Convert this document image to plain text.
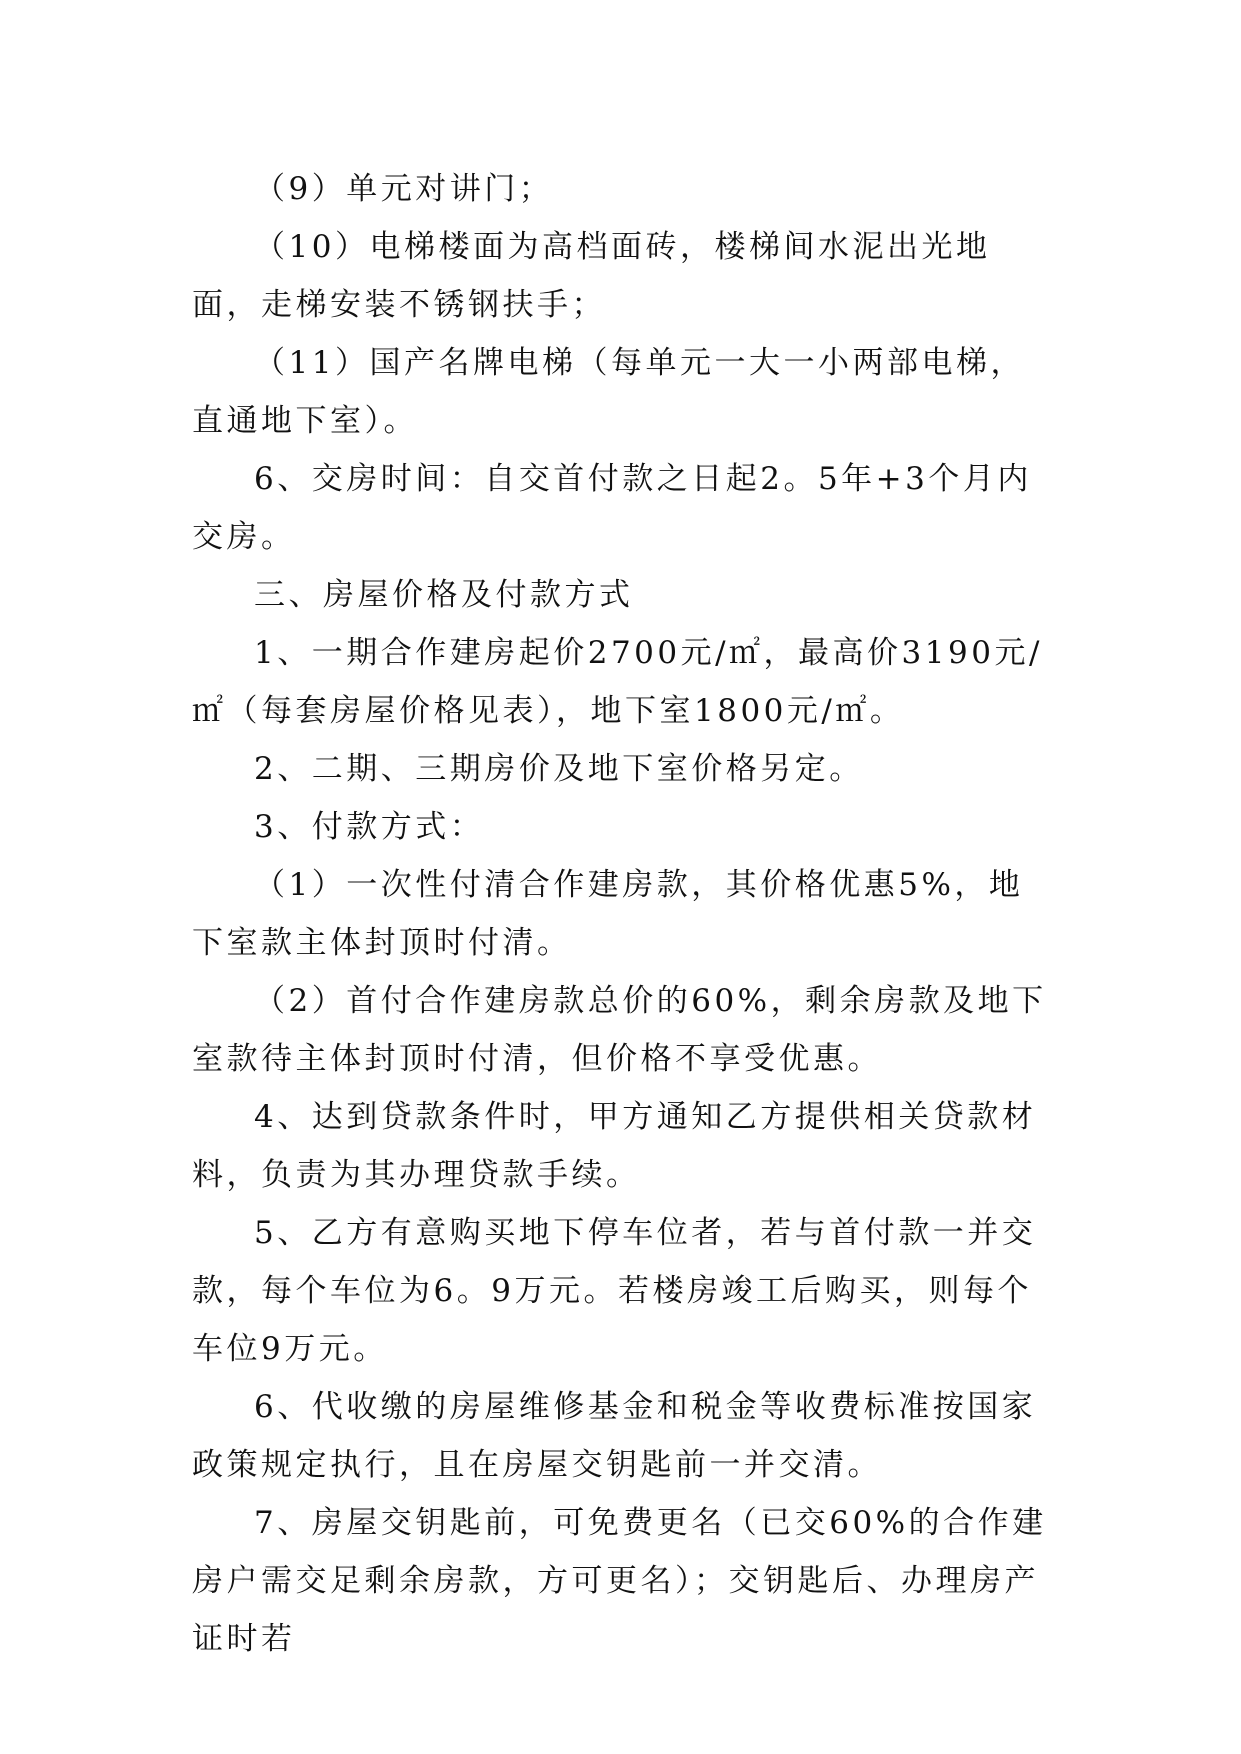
（9）单元对讲门；

（10）电梯楼面为高档面砖，楼梯间水泥出光地面，走梯安装不锈钢扶手；

（11）国产名牌电梯（每单元一大一小两部电梯，直通地下室）。

6、交房时间：自交首付款之日起2。5年+3个月内交房。

三、房屋价格及付款方式

1、一期合作建房起价2700元/㎡，最高价3190元/㎡（每套房屋价格见表），地下室1800元/㎡。

2、二期、三期房价及地下室价格另定。

3、付款方式：

（1）一次性付清合作建房款，其价格优惠5%，地下室款主体封顶时付清。

（2）首付合作建房款总价的60%，剩余房款及地下室款待主体封顶时付清，但价格不享受优惠。

4、达到贷款条件时，甲方通知乙方提供相关贷款材料，负责为其办理贷款手续。

5、乙方有意购买地下停车位者，若与首付款一并交款，每个车位为6。9万元。若楼房竣工后购买，则每个车位9万元。

6、代收缴的房屋维修基金和税金等收费标准按国家政策规定执行，且在房屋交钥匙前一并交清。

7、房屋交钥匙前，可免费更名（已交60%的合作建房户需交足剩余房款，方可更名）；交钥匙后、办理房产证时若
